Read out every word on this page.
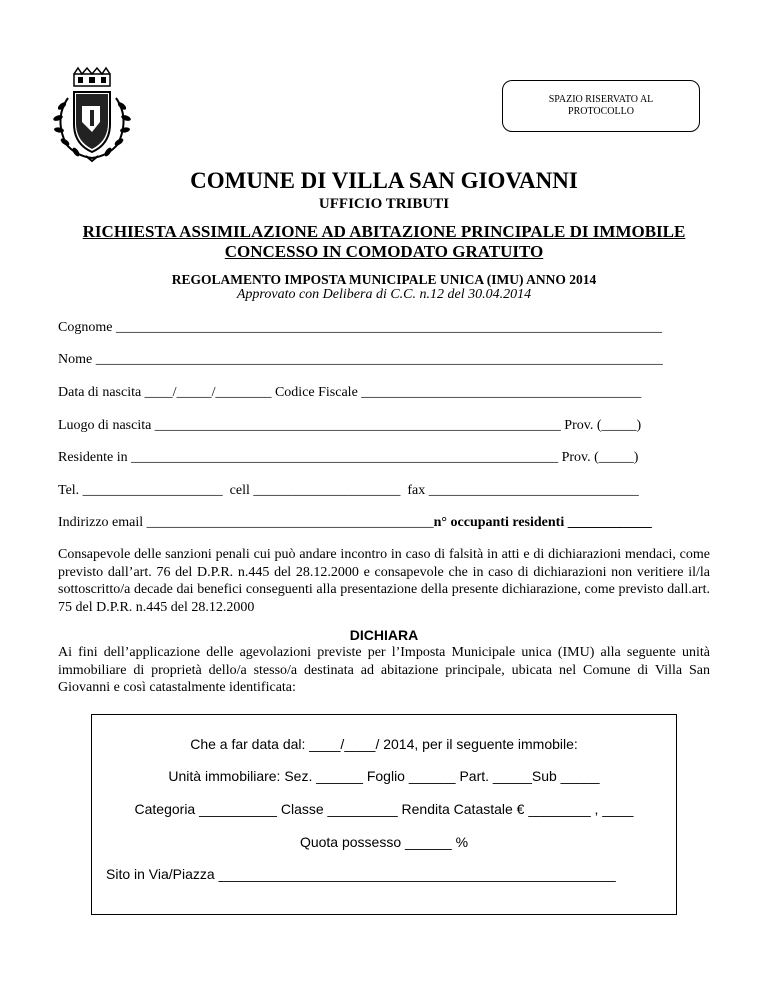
SPAZIO RISERVATO AL
PROTOCOLLO
COMUNE DI VILLA SAN GIOVANNI
UFFICIO TRIBUTI
RICHIESTA ASSIMILAZIONE AD ABITAZIONE PRINCIPALE DI IMMOBILE
CONCESSO IN COMODATO GRATUITO
REGOLAMENTO IMPOSTA MUNICIPALE UNICA (IMU) ANNO 2014
Approvato con Delibera di C.C. n.12 del 30.04.2014
Cognome ______________________________________________________________________________
Nome _________________________________________________________________________________
Data di nascita ____/_____/________ Codice Fiscale ________________________________________
Luogo di nascita __________________________________________________________ Prov. (_____)
Residente in _____________________________________________________________ Prov. (_____)
Tel. ____________________  cell _____________________  fax ______________________________
Indirizzo email _________________________________________n° occupanti residenti ____________
Consapevole delle sanzioni penali cui può andare incontro in caso di falsità in atti e di dichiarazioni mendaci, come previsto dall’art. 76 del D.P.R. n.445 del 28.12.2000 e consapevole che in caso di dichiarazioni non veritiere il/la sottoscritto/a decade dai benefici conseguenti alla presentazione della presente dichiarazione, come previsto dall.art. 75 del D.P.R. n.445 del 28.12.2000
DICHIARA
Ai fini dell’applicazione delle agevolazioni previste per l’Imposta Municipale unica (IMU) alla seguente unità immobiliare di proprietà dello/a stesso/a destinata ad abitazione principale, ubicata nel Comune di Villa San Giovanni e così catastalmente identificata:
Che a far data dal: ____/____/ 2014, per il seguente immobile:
Unità immobiliare: Sez. ______ Foglio ______ Part. _____Sub _____
Categoria __________ Classe _________ Rendita Catastale € ________ , ____
Quota possesso ______ %
Sito in Via/Piazza ___________________________________________________
